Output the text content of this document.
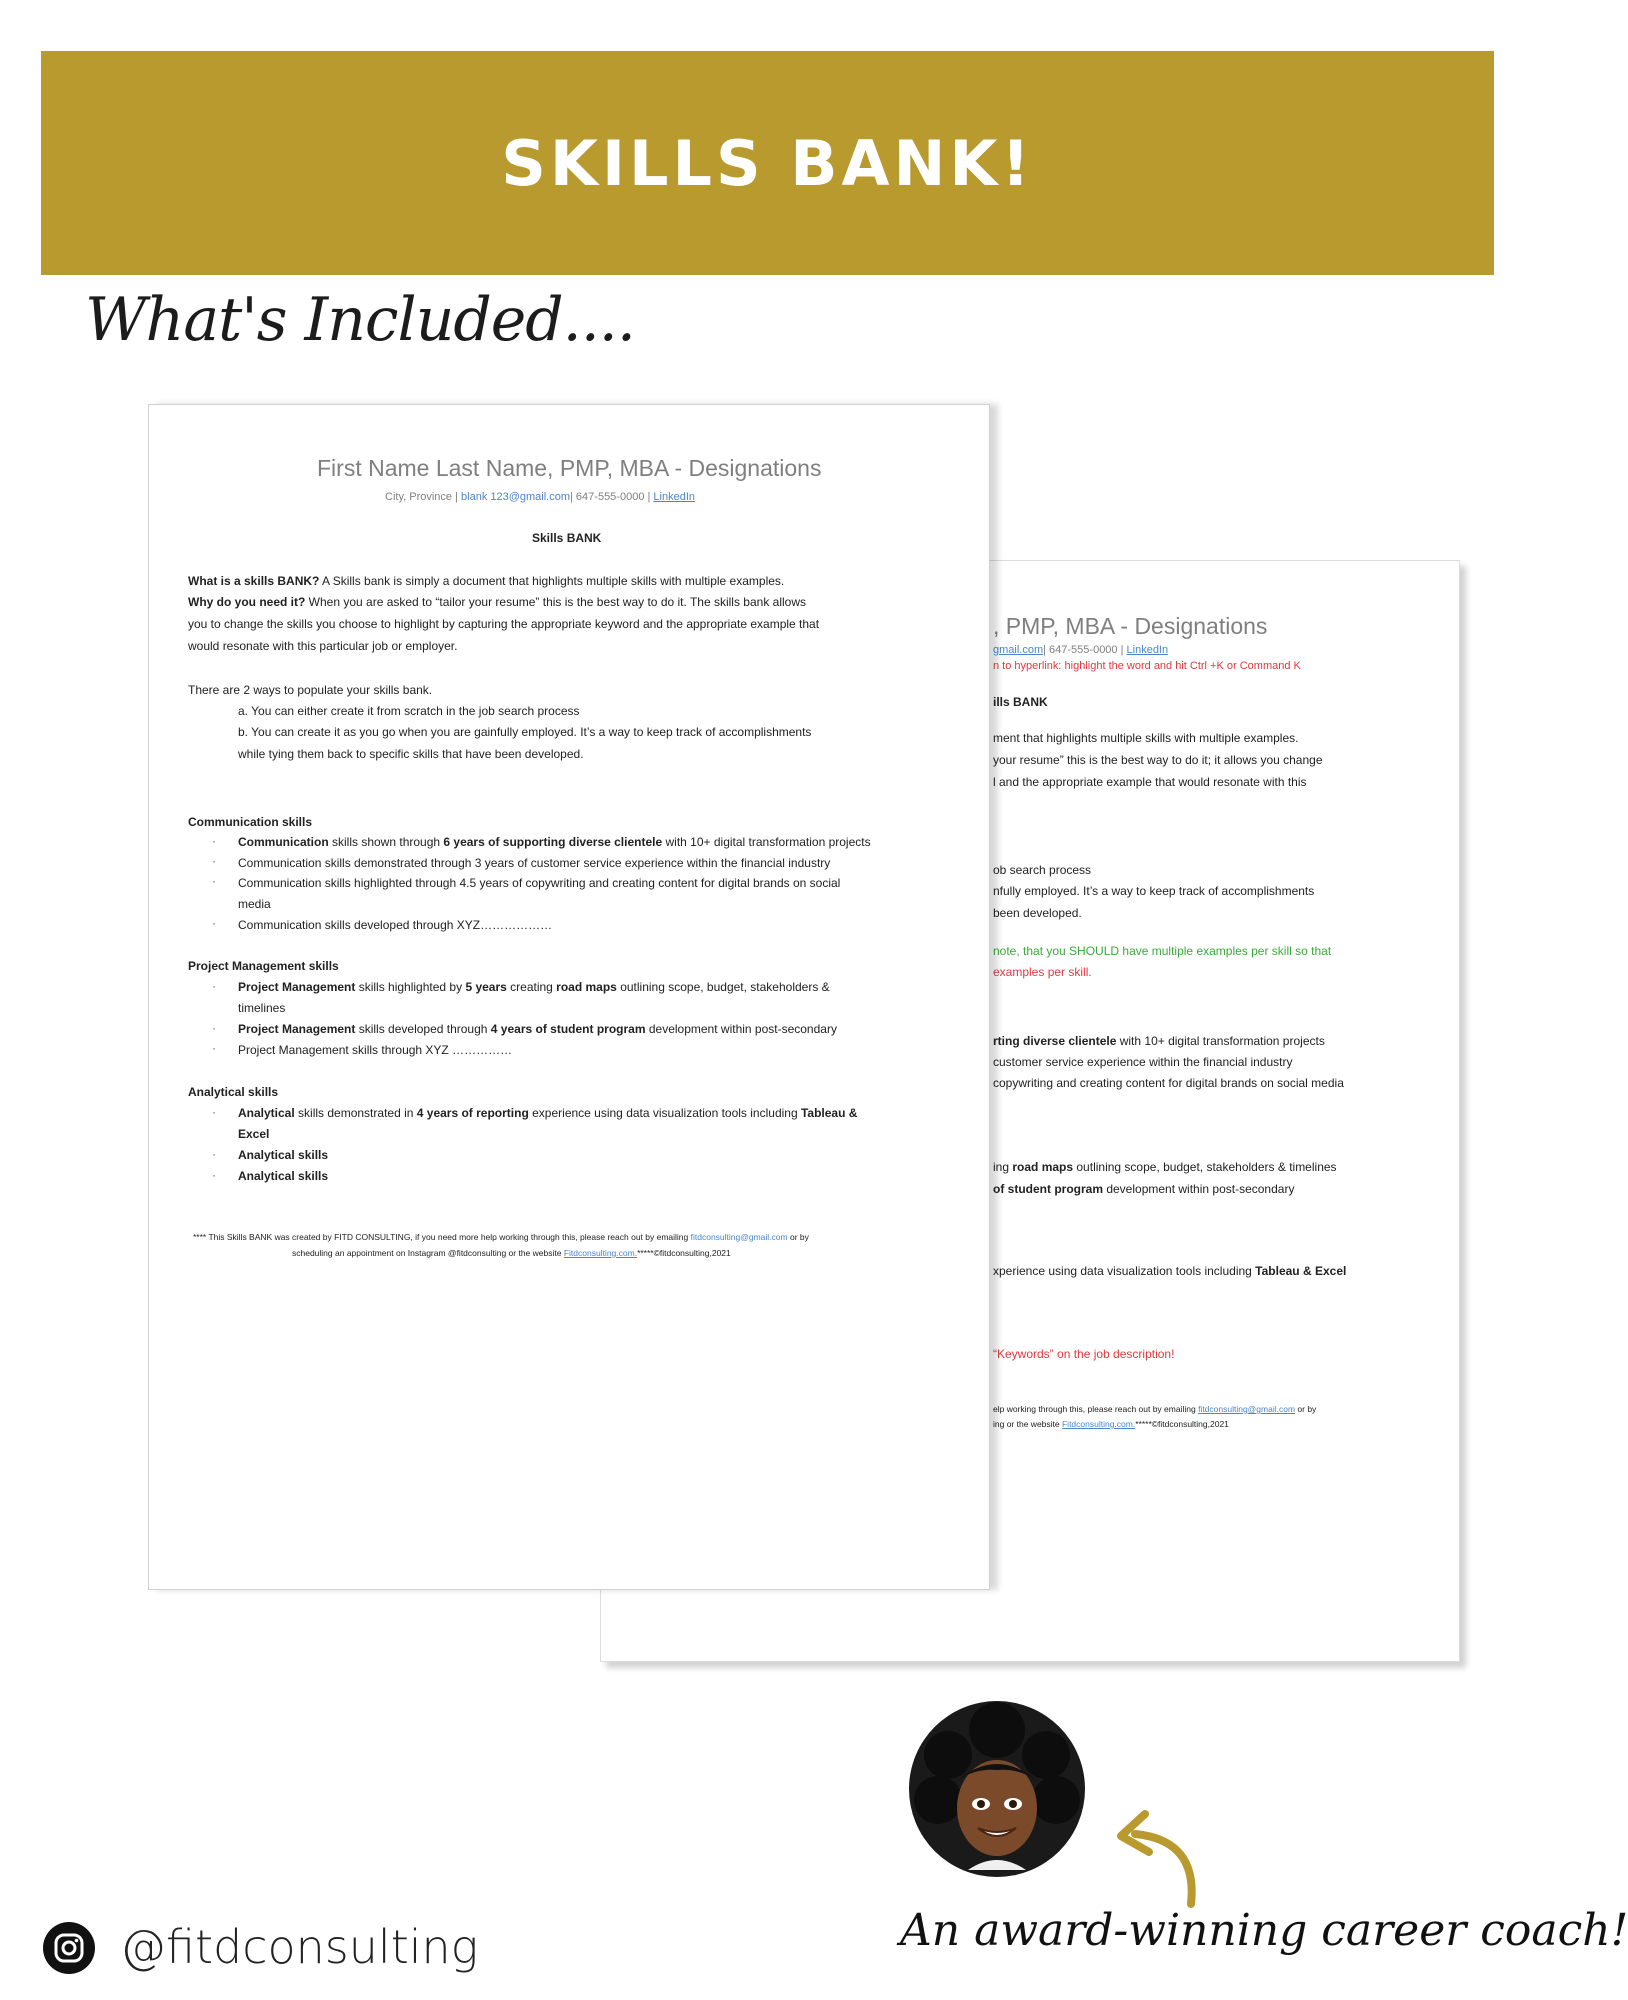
SKILLS BANK!
What's Included....
, PMP, MBA - Designations
gmail.com| 647-555-0000 | LinkedIn
n to hyperlink: highlight the word and hit Ctrl +K or Command K
ills BANK
ment that highlights multiple skills with multiple examples.
your resume” this is the best way to do it; it allows you change
l and the appropriate example that would resonate with this
ob search process
nfully employed. It’s a way to keep track of accomplishments
been developed.
note, that you SHOULD have multiple examples per skill so that
examples per skill.
rting diverse clientele with 10+ digital transformation projects
customer service experience within the financial industry
copywriting and creating content for digital brands on social media
ing road maps outlining scope, budget, stakeholders & timelines
of student program development within post-secondary
xperience using data visualization tools including Tableau & Excel
“Keywords” on the job description!
elp working through this, please reach out by emailing fitdconsulting@gmail.com or by
ing or the website Fitdconsulting.com.*****©fitdconsulting,2021
First Name Last Name, PMP, MBA - Designations
City, Province | blank 123@gmail.com| 647-555-0000 | LinkedIn
Skills BANK
What is a skills BANK? A Skills bank is simply a document that highlights multiple skills with multiple examples.
Why do you need it? When you are asked to “tailor your resume” this is the best way to do it. The skills bank allows
you to change the skills you choose to highlight by capturing the appropriate keyword and the appropriate example that
would resonate with this particular job or employer.
There are 2 ways to populate your skills bank.
a. You can either create it from scratch in the job search process
b. You can create it as you go when you are gainfully employed. It’s a way to keep track of accomplishments
while tying them back to specific skills that have been developed.
Communication skills
· Communication skills shown through 6 years of supporting diverse clientele with 10+ digital transformation projects
· Communication skills demonstrated through 3 years of customer service experience within the financial industry
· Communication skills highlighted through 4.5 years of copywriting and creating content for digital brands on social
media
· Communication skills developed through XYZ………………
Project Management skills
· Project Management skills highlighted by 5 years creating road maps outlining scope, budget, stakeholders &
timelines
· Project Management skills developed through 4 years of student program development within post-secondary
· Project Management skills through XYZ ……………
Analytical skills
· Analytical skills demonstrated in 4 years of reporting experience using data visualization tools including Tableau &
Excel
· Analytical skills
· Analytical skills
**** This Skills BANK was created by FITD CONSULTING, if you need more help working through this, please reach out by emailing fitdconsulting@gmail.com or by
scheduling an appointment on Instagram @fitdconsulting or the website Fitdconsulting.com.*****©fitdconsulting,2021
@fitdconsulting	An award-winning career coach!
